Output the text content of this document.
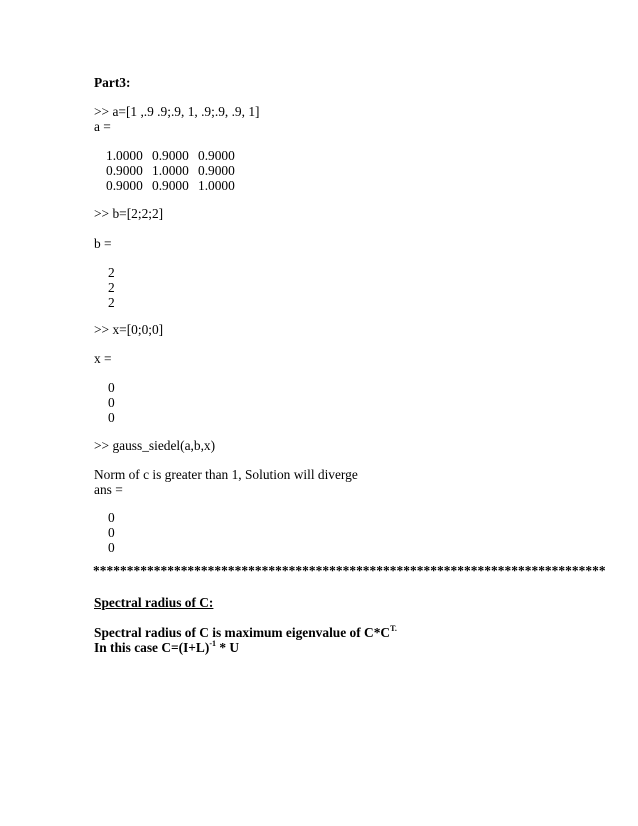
Part3:
>> a=[1 ,.9 .9;.9, 1, .9;.9, .9, 1]
a =
1.0000 0.9000 0.9000
0.9000 1.0000 0.9000
0.9000 0.9000 1.0000
>> b=[2;2;2]
b =
2
2
2
>> x=[0;0;0]
x =
0
0
0
>> gauss_siedel(a,b,x)
Norm of c is greater than 1, Solution will diverge
ans =
0
0
0
****************************************************************************
Spectral radius of C:
Spectral radius of C is maximum eigenvalue of $C*C^{T.}$
In this case $C=(I+L)^{-1} * U$
